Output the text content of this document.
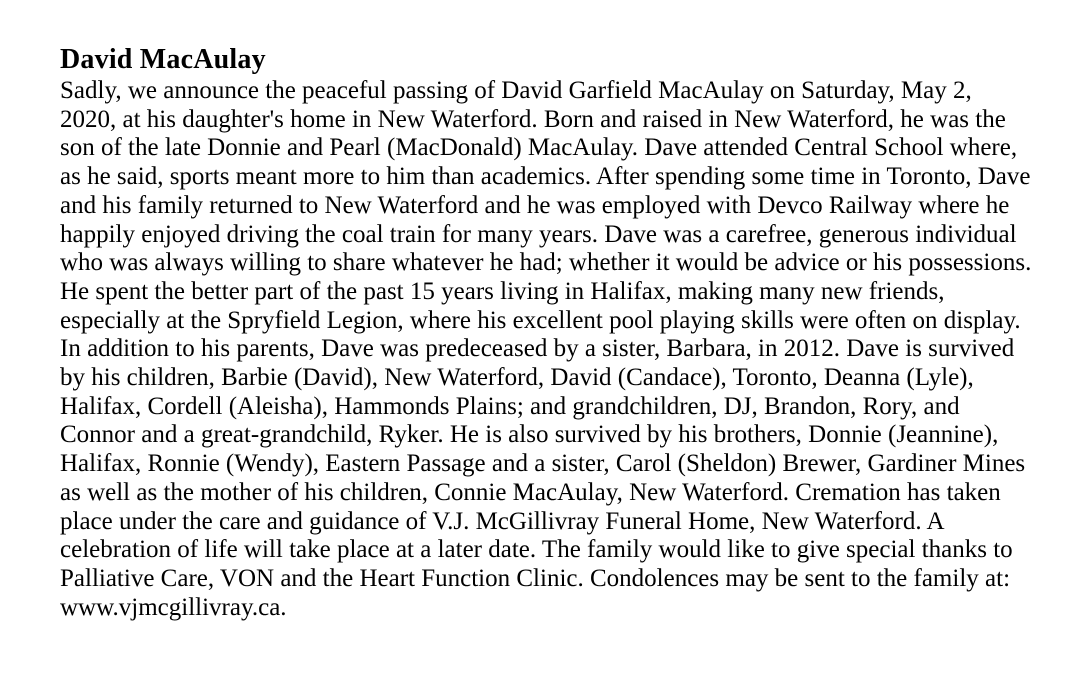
David MacAulay
Sadly, we announce the peaceful passing of David Garfield MacAulay on Saturday, May 2,
2020, at his daughter's home in New Waterford. Born and raised in New Waterford, he was the
son of the late Donnie and Pearl (MacDonald) MacAulay. Dave attended Central School where,
as he said, sports meant more to him than academics. After spending some time in Toronto, Dave
and his family returned to New Waterford and he was employed with Devco Railway where he
happily enjoyed driving the coal train for many years. Dave was a carefree, generous individual
who was always willing to share whatever he had; whether it would be advice or his possessions.
He spent the better part of the past 15 years living in Halifax, making many new friends,
especially at the Spryfield Legion, where his excellent pool playing skills were often on display.
In addition to his parents, Dave was predeceased by a sister, Barbara, in 2012. Dave is survived
by his children, Barbie (David), New Waterford, David (Candace), Toronto, Deanna (Lyle),
Halifax, Cordell (Aleisha), Hammonds Plains; and grandchildren, DJ, Brandon, Rory, and
Connor and a great-grandchild, Ryker. He is also survived by his brothers, Donnie (Jeannine),
Halifax, Ronnie (Wendy), Eastern Passage and a sister, Carol (Sheldon) Brewer, Gardiner Mines
as well as the mother of his children, Connie MacAulay, New Waterford. Cremation has taken
place under the care and guidance of V.J. McGillivray Funeral Home, New Waterford. A
celebration of life will take place at a later date. The family would like to give special thanks to
Palliative Care, VON and the Heart Function Clinic. Condolences may be sent to the family at:
www.vjmcgillivray.ca.
